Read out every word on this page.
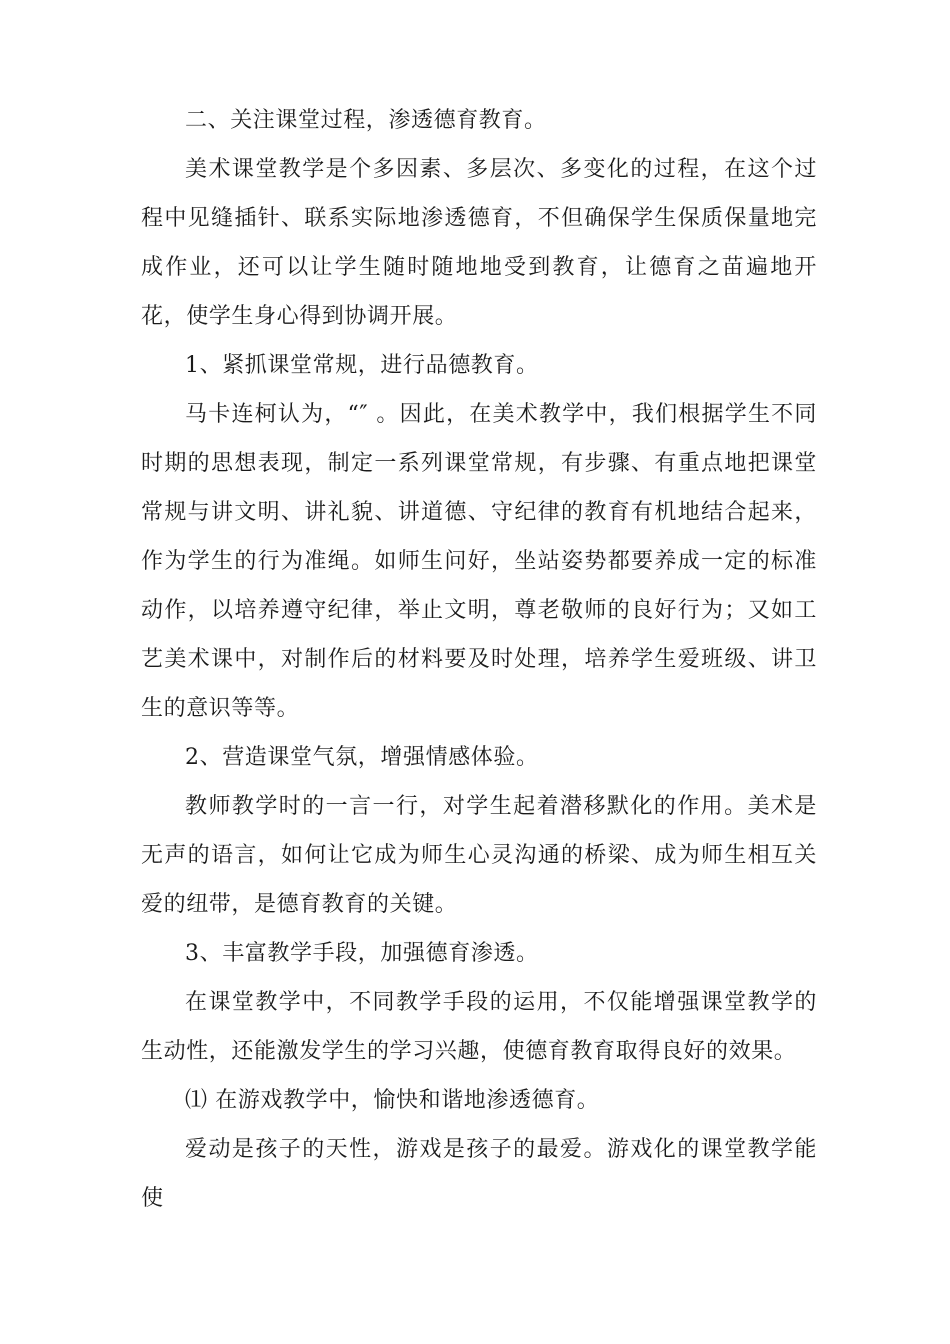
二、关注课堂过程，渗透德育教育。

美术课堂教学是个多因素、多层次、多变化的过程，在这个过程中见缝插针、联系实际地渗透德育，不但确保学生保质保量地完成作业，还可以让学生随时随地地受到教育，让德育之苗遍地开花，使学生身心得到协调开展。

1、紧抓课堂常规，进行品德教育。

马卡连柯认为，“″ 。因此，在美术教学中，我们根据学生不同时期的思想表现，制定一系列课堂常规，有步骤、有重点地把课堂常规与讲文明、讲礼貌、讲道德、守纪律的教育有机地结合起来，作为学生的行为准绳。如师生问好，坐站姿势都要养成一定的标准动作，以培养遵守纪律，举止文明，尊老敬师的良好行为；又如工艺美术课中，对制作后的材料要及时处理，培养学生爱班级、讲卫生的意识等等。

2、营造课堂气氛，增强情感体验。

教师教学时的一言一行，对学生起着潜移默化的作用。美术是无声的语言，如何让它成为师生心灵沟通的桥梁、成为师生相互关爱的纽带，是德育教育的关键。

3、丰富教学手段，加强德育渗透。

在课堂教学中，不同教学手段的运用，不仅能增强课堂教学的生动性，还能激发学生的学习兴趣，使德育教育取得良好的效果。

⑴ 在游戏教学中，愉快和谐地渗透德育。

爱动是孩子的天性，游戏是孩子的最爱。游戏化的课堂教学能使
